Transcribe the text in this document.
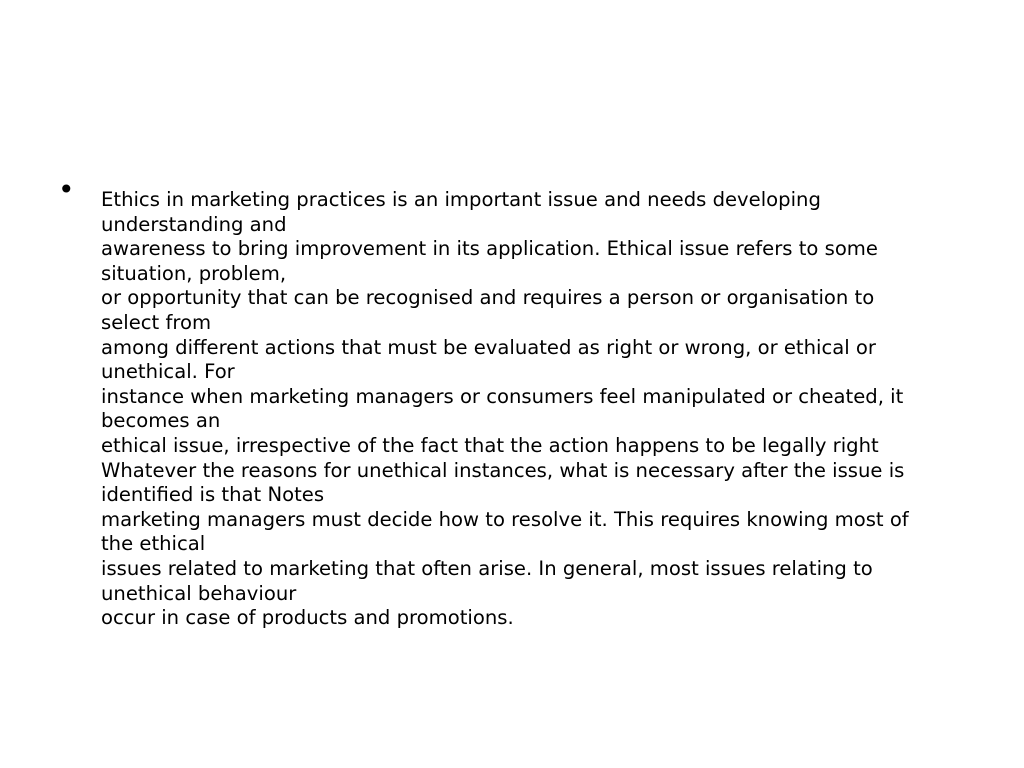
• Ethics in marketing practices is an important issue and needs developing
understanding and
awareness to bring improvement in its application. Ethical issue refers to some
situation, problem,
or opportunity that can be recognised and requires a person or organisation to
select from
among different actions that must be evaluated as right or wrong, or ethical or
unethical. For
instance when marketing managers or consumers feel manipulated or cheated, it
becomes an
ethical issue, irrespective of the fact that the action happens to be legally right
Whatever the reasons for unethical instances, what is necessary after the issue is
identified is that Notes
marketing managers must decide how to resolve it. This requires knowing most of
the ethical
issues related to marketing that often arise. In general, most issues relating to
unethical behaviour
occur in case of products and promotions.
